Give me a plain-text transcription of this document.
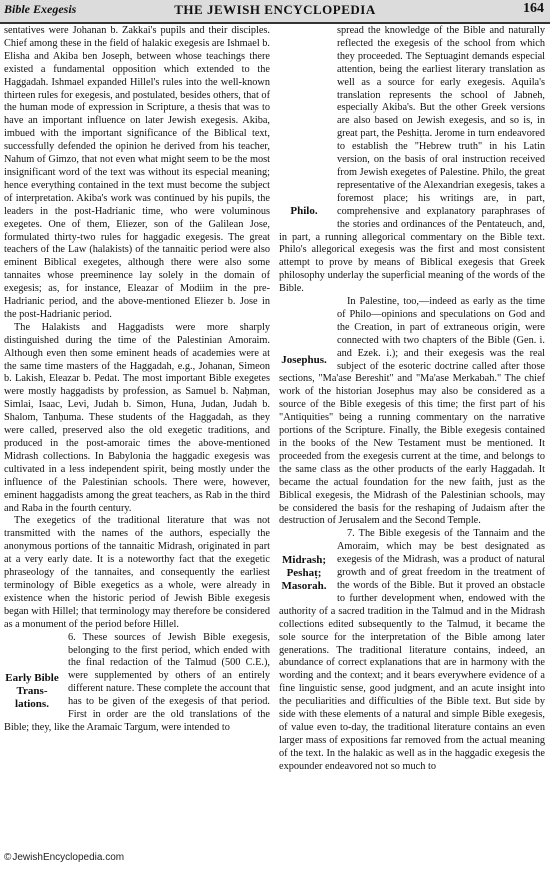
Bible Exegesis	THE JEWISH ENCYCLOPEDIA	164

sentatives were Johanan b. Zakkai's pupils and their disciples. Chief among these in the field of halakic exegesis are Ishmael b. Elisha and Akiba ben Joseph, between whose teachings there existed a fundamental opposition which extended to the Haggadah. Ishmael expanded Hillel's rules into the well-known thirteen rules for exegesis, and postulated, besides others, that of the human mode of expression in Scripture, a thesis that was to have an important influence on later Jewish exegesis. Akiba, imbued with the important significance of the Biblical text, successfully defended the opinion he derived from his teacher, Nahum of Gimzo, that not even what might seem to be the most insignificant word of the text was without its especial meaning; hence everything contained in the text must become the subject of interpretation. Akiba's work was continued by his pupils, the leaders in the post-Hadrianic time, who were voluminous exegetes. One of them, Eliezer, son of the Galilean Jose, formulated thirty-two rules for haggadic exegesis. The great teachers of the Law (halakists) of the tannaitic period were also eminent Biblical exegetes, although there were also some tannaites whose preeminence lay solely in the domain of exegesis; as, for instance, Eleazar of Modiim in the pre-Hadrianic period, and the above-mentioned Eliezer b. Jose in the post-Hadrianic period.

The Halakists and Haggadists were more sharply distinguished during the time of the Palestinian Amoraim. Although even then some eminent heads of academies were at the same time masters of the Haggadah, e.g., Johanan, Simeon b. Lakish, Eleazar b. Pedat. The most important Bible exegetes were mostly haggadists by profession, as Samuel b. Naḥman, Simlai, Isaac, Levi, Judah b. Simon, Huna, Judan, Judah b. Shalom, Tanḥuma. These students of the Haggadah, as they were called, preserved also the old exegetic traditions, and produced in the post-amoraic times the above-mentioned Midrash collections. In Babylonia the haggadic exegesis was cultivated in a less independent spirit, being mostly under the influence of the Palestinian schools. There were, however, eminent haggadists among the great teachers, as Rab in the third and Raba in the fourth century.

The exegetics of the traditional literature that was not transmitted with the names of the authors, especially the anonymous portions of the tannaitic Midrash, originated in part at a very early date. It is a noteworthy fact that the exegetic phraseology of the tannaites, and consequently the earliest terminology of Bible exegetics as a whole, were already in existence when the historic period of Jewish Bible exegesis began with Hillel; that terminology may therefore be considered as a monument of the period before Hillel.

Early Bible
Trans-
lations.

6. These sources of Jewish Bible exegesis, belonging to the first period, which ended with the final redaction of the Talmud (500 C.E.), were supplemented by others of an entirely different nature. These complete the account that has to be given of the exegesis of that period. First in order are the old translations of the Bible; they, like the Aramaic Targum, were intended to

Philo.

spread the knowledge of the Bible and naturally reflected the exegesis of the school from which they proceeded. The Septuagint demands especial attention, being the earliest literary translation as well as a source for early exegesis. Aquila's translation represents the school of Jabneh, especially Akiba's. But the other Greek versions are also based on Jewish exegesis, and so is, in great part, the Peshiṭta. Jerome in turn endeavored to establish the "Hebrew truth" in his Latin version, on the basis of oral instruction received from Jewish exegetes of Palestine. Philo, the great representative of the Alexandrian exegesis, takes a foremost place; his writings are, in part, comprehensive and explanatory paraphrases of the stories and ordinances of the Pentateuch, and, in part, a running allegorical commentary on the Bible text. Philo's allegorical exegesis was the first and most consistent attempt to prove by means of Biblical exegesis that Greek philosophy underlay the superficial meaning of the words of the Bible.

Josephus.

In Palestine, too,—indeed as early as the time of Philo—opinions and speculations on God and the Creation, in part of extraneous origin, were connected with two chapters of the Bible (Gen. i. and Ezek. i.); and their exegesis was the real subject of the esoteric doctrine called after those sections, "Ma'ase Bereshit" and "Ma'ase Merkabah." The chief work of the historian Josephus may also be considered as a source of the Bible exegesis of this time; the first part of his "Antiquities" being a running commentary on the narrative portions of the Scripture. Finally, the Bible exegesis contained in the books of the New Testament must be mentioned. It proceeded from the exegesis current at the time, and belongs to the same class as the other products of the early Haggadah. It became the actual foundation for the new faith, just as the Biblical exegesis, the Midrash of the Palestinian schools, may be considered the basis for the reshaping of Judaism after the destruction of Jerusalem and the Second Temple.

Midrash;
Peshaṭ;
Masorah.

7. The Bible exegesis of the Tannaim and the Amoraim, which may be best designated as exegesis of the Midrash, was a product of natural growth and of great freedom in the treatment of the words of the Bible. But it proved an obstacle to further development when, endowed with the authority of a sacred tradition in the Talmud and in the Midrash collections edited subsequently to the Talmud, it became the sole source for the interpretation of the Bible among later generations. The traditional literature contains, indeed, an abundance of correct explanations that are in harmony with the wording and the context; and it bears everywhere evidence of a fine linguistic sense, good judgment, and an acute insight into the peculiarities and difficulties of the Bible text. But side by side with these elements of a natural and simple Bible exegesis, of value even to-day, the traditional literature contains an even larger mass of expositions far removed from the actual meaning of the text. In the halakic as well as in the haggadic exegesis the expounder endeavored not so much to

©JewishEncyclopedia.com
